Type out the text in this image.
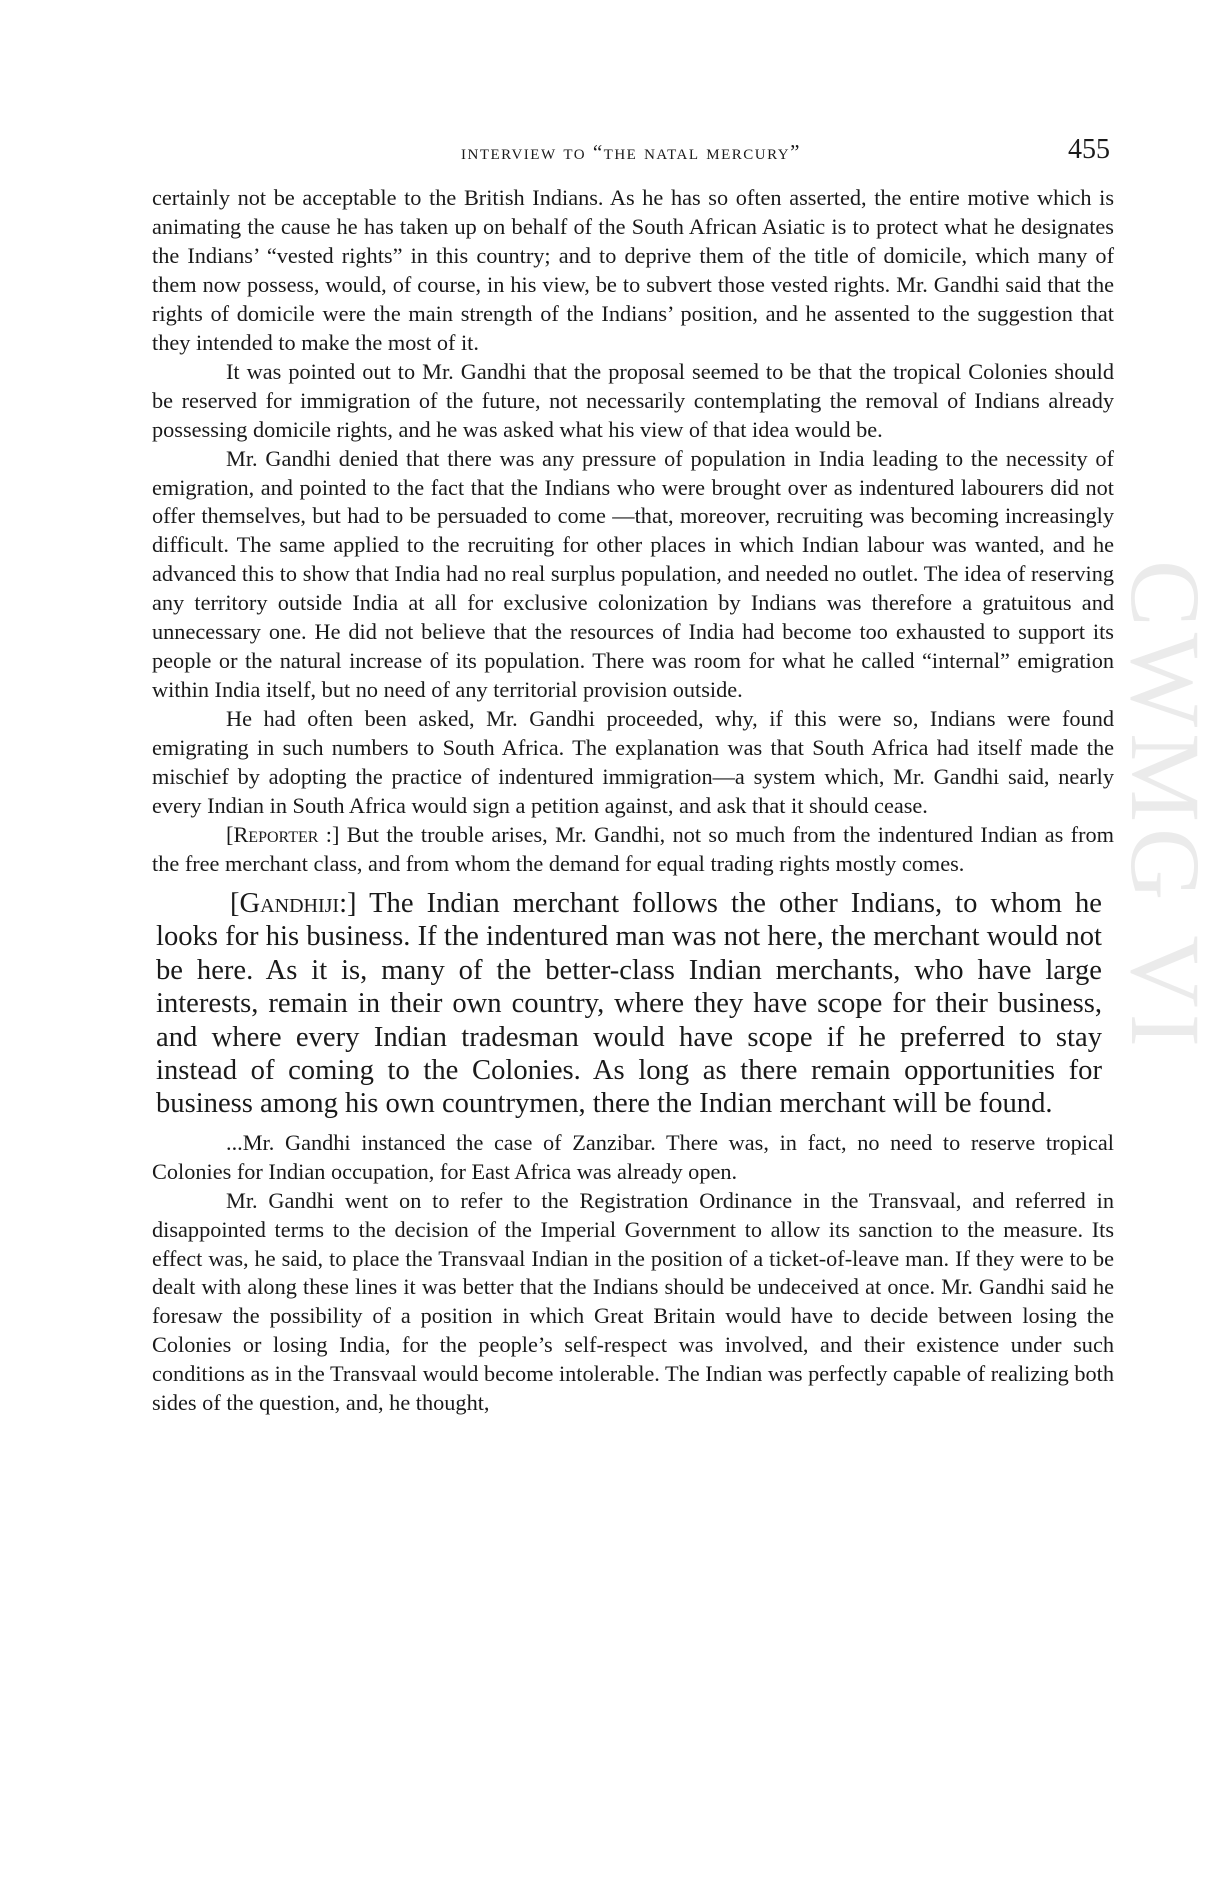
CWMG VI
interview to “the natal mercury”	455

certainly not be acceptable to the British Indians. As he has so often asserted, the entire motive which is animating the cause he has taken up on behalf of the South African Asiatic is to protect what he designates the Indians’ “vested rights” in this country; and to deprive them of the title of domicile, which many of them now possess, would, of course, in his view, be to subvert those vested rights. Mr. Gandhi said that the rights of domicile were the main strength of the Indians’ position, and he assented to the suggestion that they intended to make the most of it.

It was pointed out to Mr. Gandhi that the proposal seemed to be that the tropical Colonies should be reserved for immigration of the future, not necessarily contemplating the removal of Indians already possessing domicile rights, and he was asked what his view of that idea would be.

Mr. Gandhi denied that there was any pressure of population in India leading to the necessity of emigration, and pointed to the fact that the Indians who were brought over as indentured labourers did not offer themselves, but had to be persuaded to come —that, moreover, recruiting was becoming increasingly difficult. The same applied to the recruiting for other places in which Indian labour was wanted, and he advanced this to show that India had no real surplus population, and needed no outlet. The idea of reserving any territory outside India at all for exclusive colonization by Indians was therefore a gratuitous and unnecessary one. He did not believe that the resources of India had become too exhausted to support its people or the natural increase of its population. There was room for what he called “internal” emigration within India itself, but no need of any territorial provision outside.

He had often been asked, Mr. Gandhi proceeded, why, if this were so, Indians were found emigrating in such numbers to South Africa. The explanation was that South Africa had itself made the mischief by adopting the practice of indentured immigration—a system which, Mr. Gandhi said, nearly every Indian in South Africa would sign a petition against, and ask that it should cease.

[Reporter :] But the trouble arises, Mr. Gandhi, not so much from the indentured Indian as from the free merchant class, and from whom the demand for equal trading rights mostly comes.

[Gandhiji:] The Indian merchant follows the other Indians, to whom he looks for his business. If the indentured man was not here, the merchant would not be here. As it is, many of the better-class Indian merchants, who have large interests, remain in their own country, where they have scope for their business, and where every Indian tradesman would have scope if he preferred to stay instead of coming to the Colonies. As long as there remain opportunities for business among his own countrymen, there the Indian merchant will be found.

...Mr. Gandhi instanced the case of Zanzibar. There was, in fact, no need to reserve tropical Colonies for Indian occupation, for East Africa was already open.

Mr. Gandhi went on to refer to the Registration Ordinance in the Transvaal, and referred in disappointed terms to the decision of the Imperial Government to allow its sanction to the measure. Its effect was, he said, to place the Transvaal Indian in the position of a ticket-of-leave man. If they were to be dealt with along these lines it was better that the Indians should be undeceived at once. Mr. Gandhi said he foresaw the possibility of a position in which Great Britain would have to decide between losing the Colonies or losing India, for the people’s self-respect was involved, and their existence under such conditions as in the Transvaal would become intolerable. The Indian was perfectly capable of realizing both sides of the question, and, he thought,
